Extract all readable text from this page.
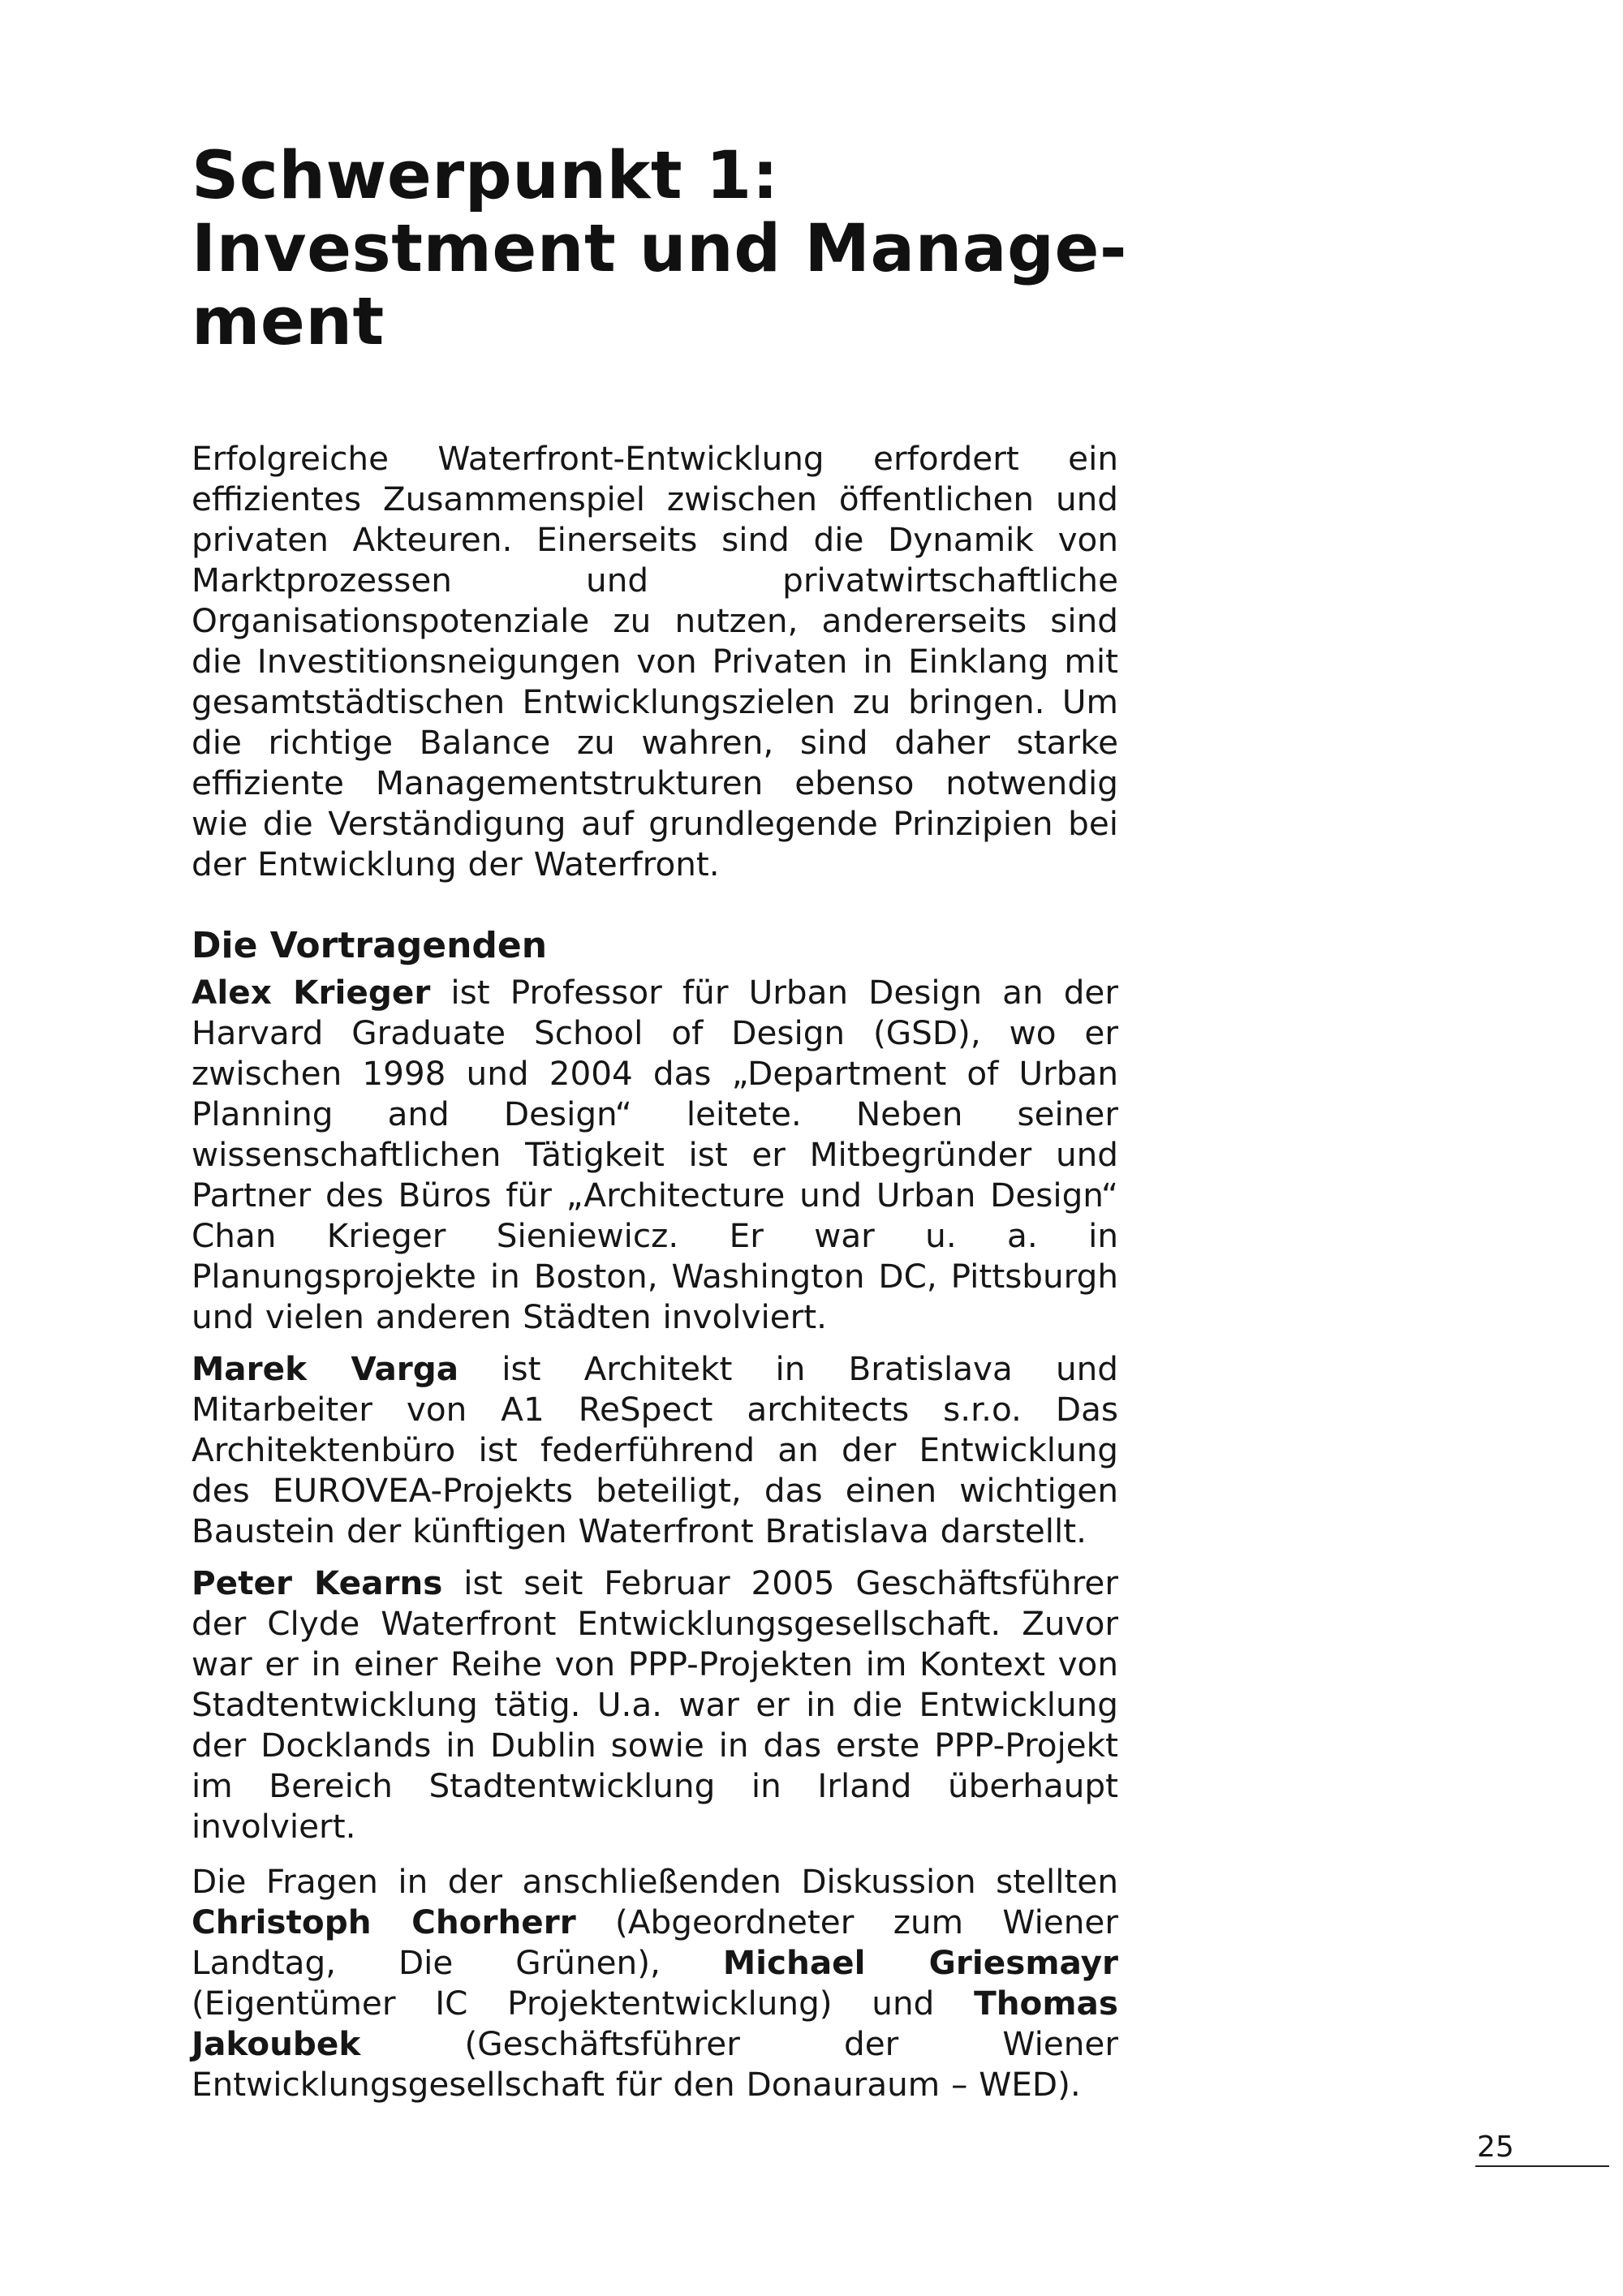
Schwerpunkt 1:
Investment und Manage-
ment

Erfolgreiche Waterfront-Entwicklung erfordert ein effizientes Zusammenspiel zwischen öffentlichen und privaten Akteuren. Einerseits sind die Dynamik von Marktprozessen und privatwirtschaftliche Organisationspotenziale zu nutzen, andererseits sind die Investitionsneigungen von Privaten in Einklang mit gesamtstädtischen Entwicklungszielen zu bringen. Um die richtige Balance zu wahren, sind daher starke effiziente Managementstrukturen ebenso notwendig wie die Verständigung auf grundlegende Prinzipien bei der Entwicklung der Waterfront.

Die Vortragenden

Alex Krieger ist Professor für Urban Design an der Harvard Graduate School of Design (GSD), wo er zwischen 1998 und 2004 das „Department of Urban Planning and Design“ leitete. Neben seiner wissenschaftlichen Tätigkeit ist er Mitbegründer und Partner des Büros für „Architecture und Urban Design“ Chan Krieger Sieniewicz. Er war u. a. in Planungsprojekte in Boston, Washington DC, Pittsburgh und vielen anderen Städten involviert.

Marek Varga ist Architekt in Bratislava und Mitarbeiter von A1 ReSpect architects s.r.o. Das Architektenbüro ist federführend an der Entwicklung des EUROVEA-Projekts beteiligt, das einen wichtigen Baustein der künftigen Waterfront Bratislava darstellt.

Peter Kearns ist seit Februar 2005 Geschäftsführer der Clyde Waterfront Entwicklungsgesellschaft. Zuvor war er in einer Reihe von PPP-Projekten im Kontext von Stadtentwicklung tätig. U.a. war er in die Entwicklung der Docklands in Dublin sowie in das erste PPP-Projekt im Bereich Stadtentwicklung in Irland überhaupt involviert.

Die Fragen in der anschließenden Diskussion stellten Christoph Chorherr (Abgeordneter zum Wiener Landtag, Die Grünen), Michael Griesmayr (Eigentümer IC Projektentwicklung) und Thomas Jakoubek (Geschäftsführer der Wiener Entwicklungsgesellschaft für den Donauraum – WED).

25
